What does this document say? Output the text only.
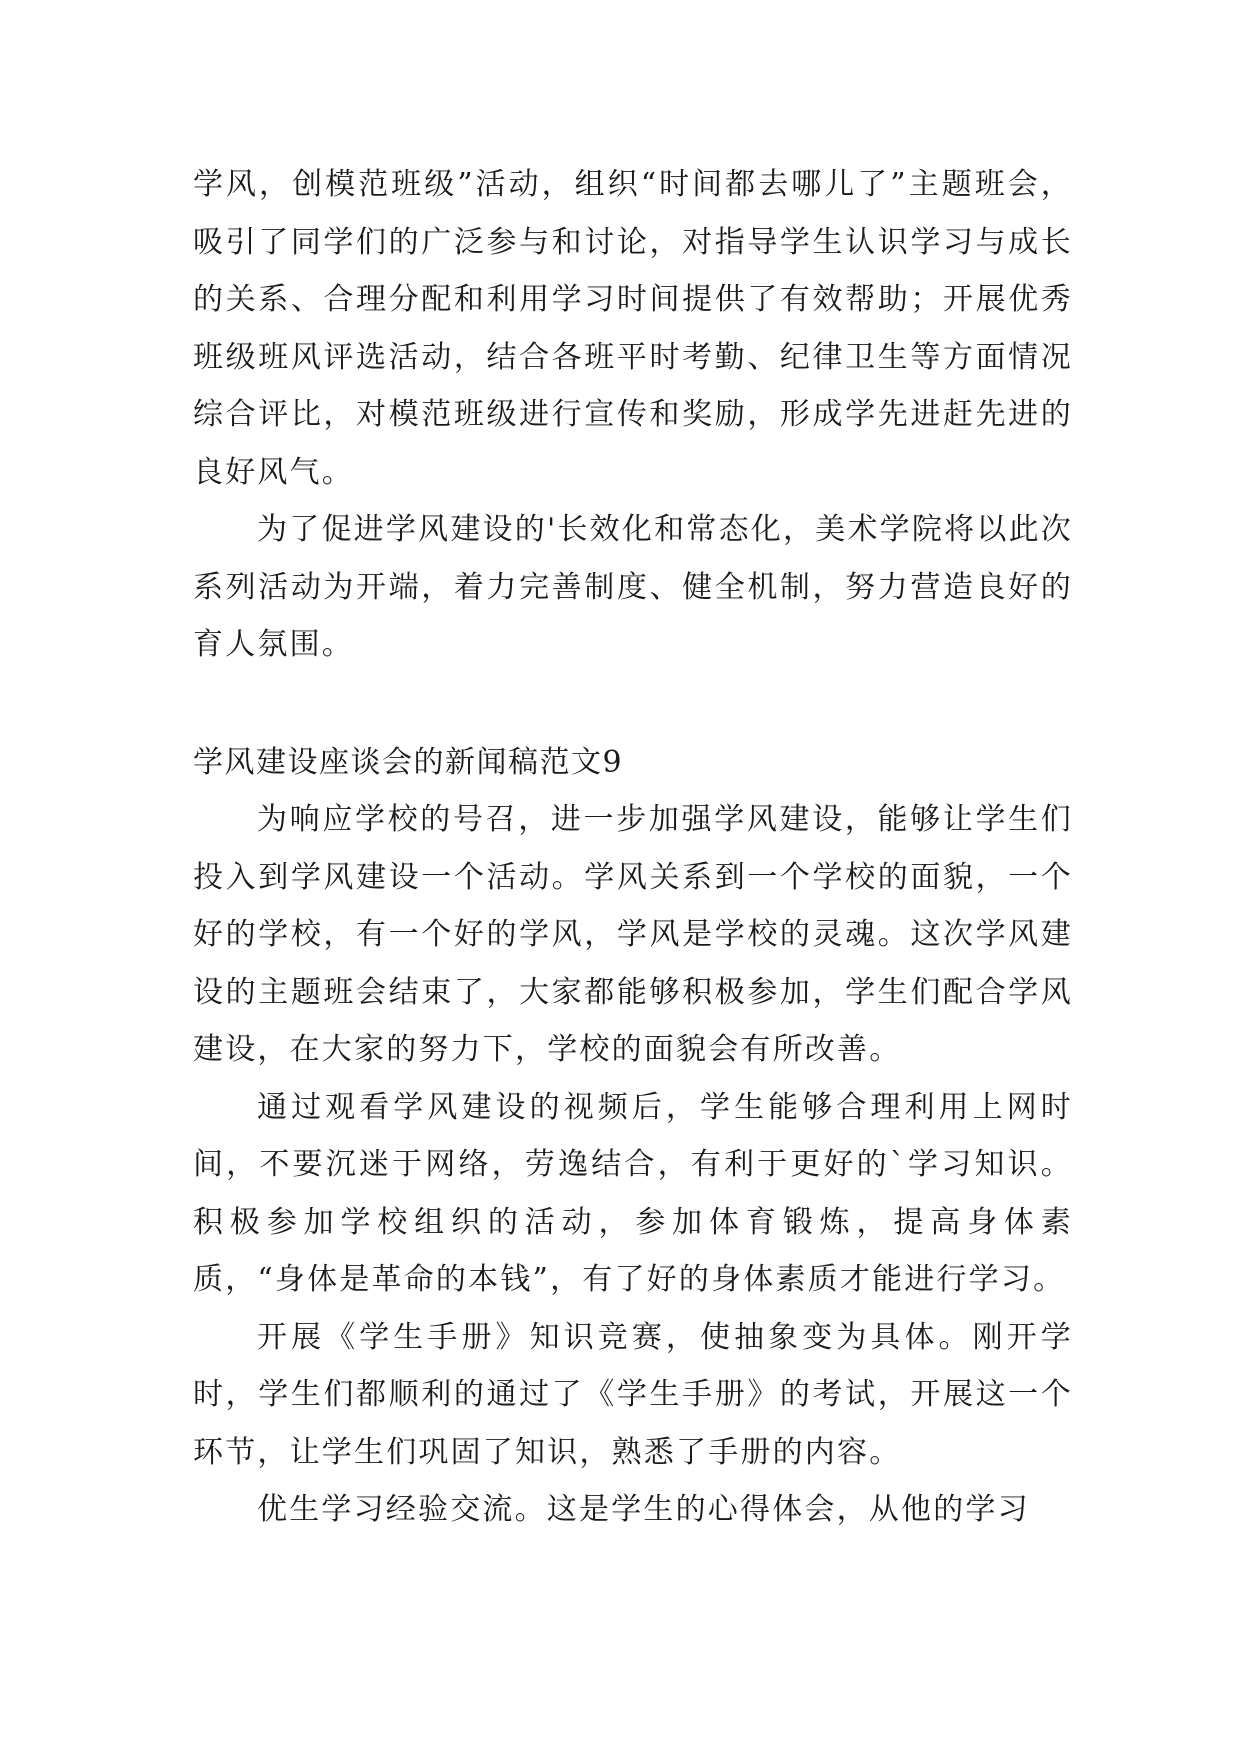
学风，创模范班级”活动，组织“时间都去哪儿了”主题班会，吸引了同学们的广泛参与和讨论，对指导学生认识学习与成长的关系、合理分配和利用学习时间提供了有效帮助；开展优秀班级班风评选活动，结合各班平时考勤、纪律卫生等方面情况综合评比，对模范班级进行宣传和奖励，形成学先进赶先进的良好风气。

为了促进学风建设的'长效化和常态化，美术学院将以此次系列活动为开端，着力完善制度、健全机制，努力营造良好的育人氛围。

学风建设座谈会的新闻稿范文9

为响应学校的号召，进一步加强学风建设，能够让学生们投入到学风建设一个活动。学风关系到一个学校的面貌，一个好的学校，有一个好的学风，学风是学校的灵魂。这次学风建设的主题班会结束了，大家都能够积极参加，学生们配合学风建设，在大家的努力下，学校的面貌会有所改善。

通过观看学风建设的视频后，学生能够合理利用上网时间，不要沉迷于网络，劳逸结合，有利于更好的`学习知识。积极参加学校组织的活动，参加体育锻炼，提高身体素质，“身体是革命的本钱”，有了好的身体素质才能进行学习。

开展《学生手册》知识竞赛，使抽象变为具体。刚开学时，学生们都顺利的通过了《学生手册》的考试，开展这一个环节，让学生们巩固了知识，熟悉了手册的内容。

优生学习经验交流。这是学生的心得体会，从他的学习
